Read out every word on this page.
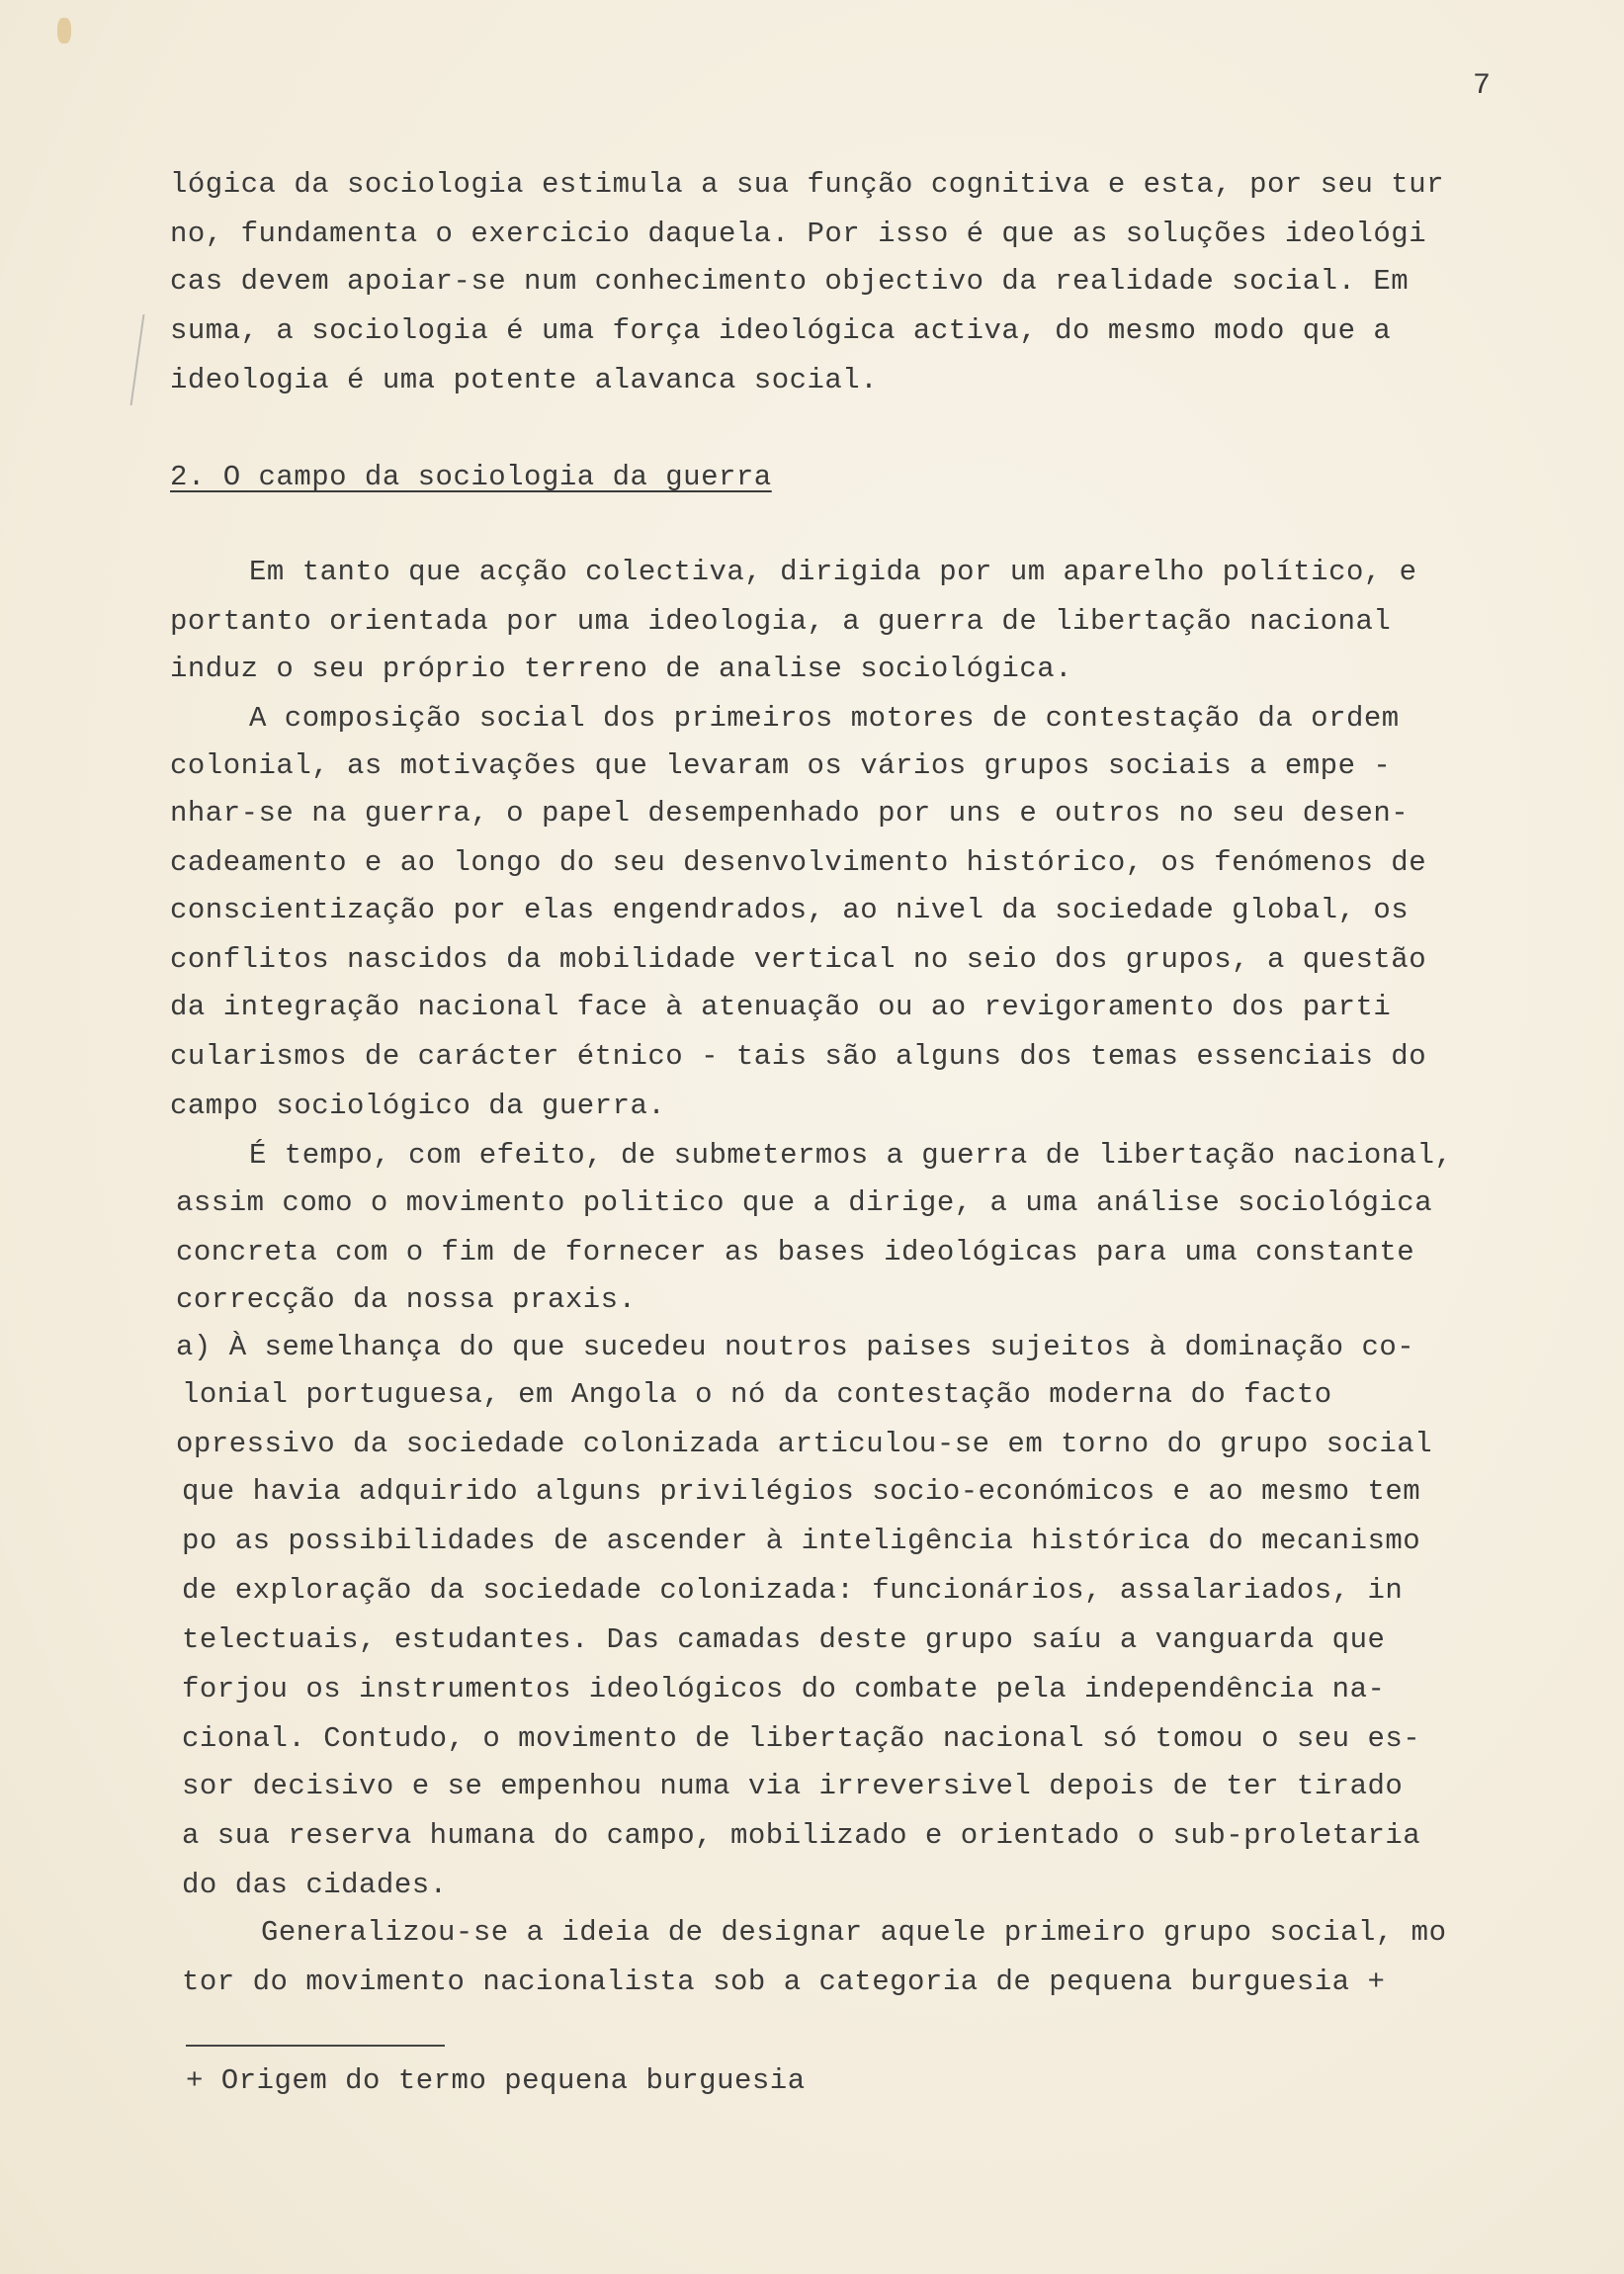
7
lógica da sociologia estimula a sua função cognitiva e esta, por seu tur
no, fundamenta o exercicio daquela. Por isso é que as soluções ideológi
cas devem apoiar-se num conhecimento objectivo da realidade social. Em
suma, a sociologia é uma força ideológica activa, do mesmo modo que a
ideologia é uma potente alavanca social.
2. O campo da sociologia da guerra
Em tanto que acção colectiva, dirigida por um aparelho político, e
portanto orientada por uma ideologia, a guerra de libertação nacional
induz o seu próprio terreno de analise sociológica.
A composição social dos primeiros motores de contestação da ordem
colonial, as motivações que levaram os vários grupos sociais a empe -
nhar-se na guerra, o papel desempenhado por uns e outros no seu desen-
cadeamento e ao longo do seu desenvolvimento histórico, os fenómenos de
conscientização por elas engendrados, ao nivel da sociedade global, os
conflitos nascidos da mobilidade vertical no seio dos grupos, a questão
da integração nacional face à atenuação ou ao revigoramento dos parti
cularismos de carácter étnico - tais são alguns dos temas essenciais do
campo sociológico da guerra.
É tempo, com efeito, de submetermos a guerra de libertação nacional,
assim como o movimento politico que a dirige, a uma análise sociológica
concreta com o fim de fornecer as bases ideológicas para uma constante
correcção da nossa praxis.
a) À semelhança do que sucedeu noutros paises sujeitos à dominação co-
lonial portuguesa, em Angola o nó da contestação moderna do facto
opressivo da sociedade colonizada articulou-se em torno do grupo social
que havia adquirido alguns privilégios socio-económicos e ao mesmo tem
po as possibilidades de ascender à inteligência histórica do mecanismo
de exploração da sociedade colonizada: funcionários, assalariados, in
telectuais, estudantes. Das camadas deste grupo saíu a vanguarda que
forjou os instrumentos ideológicos do combate pela independência na-
cional. Contudo, o movimento de libertação nacional só tomou o seu es-
sor decisivo e se empenhou numa via irreversivel depois de ter tirado
a sua reserva humana do campo, mobilizado e orientado o sub-proletaria
do das cidades.
Generalizou-se a ideia de designar aquele primeiro grupo social, mo
tor do movimento nacionalista sob a categoria de pequena burguesia +
+ Origem do termo pequena burguesia
